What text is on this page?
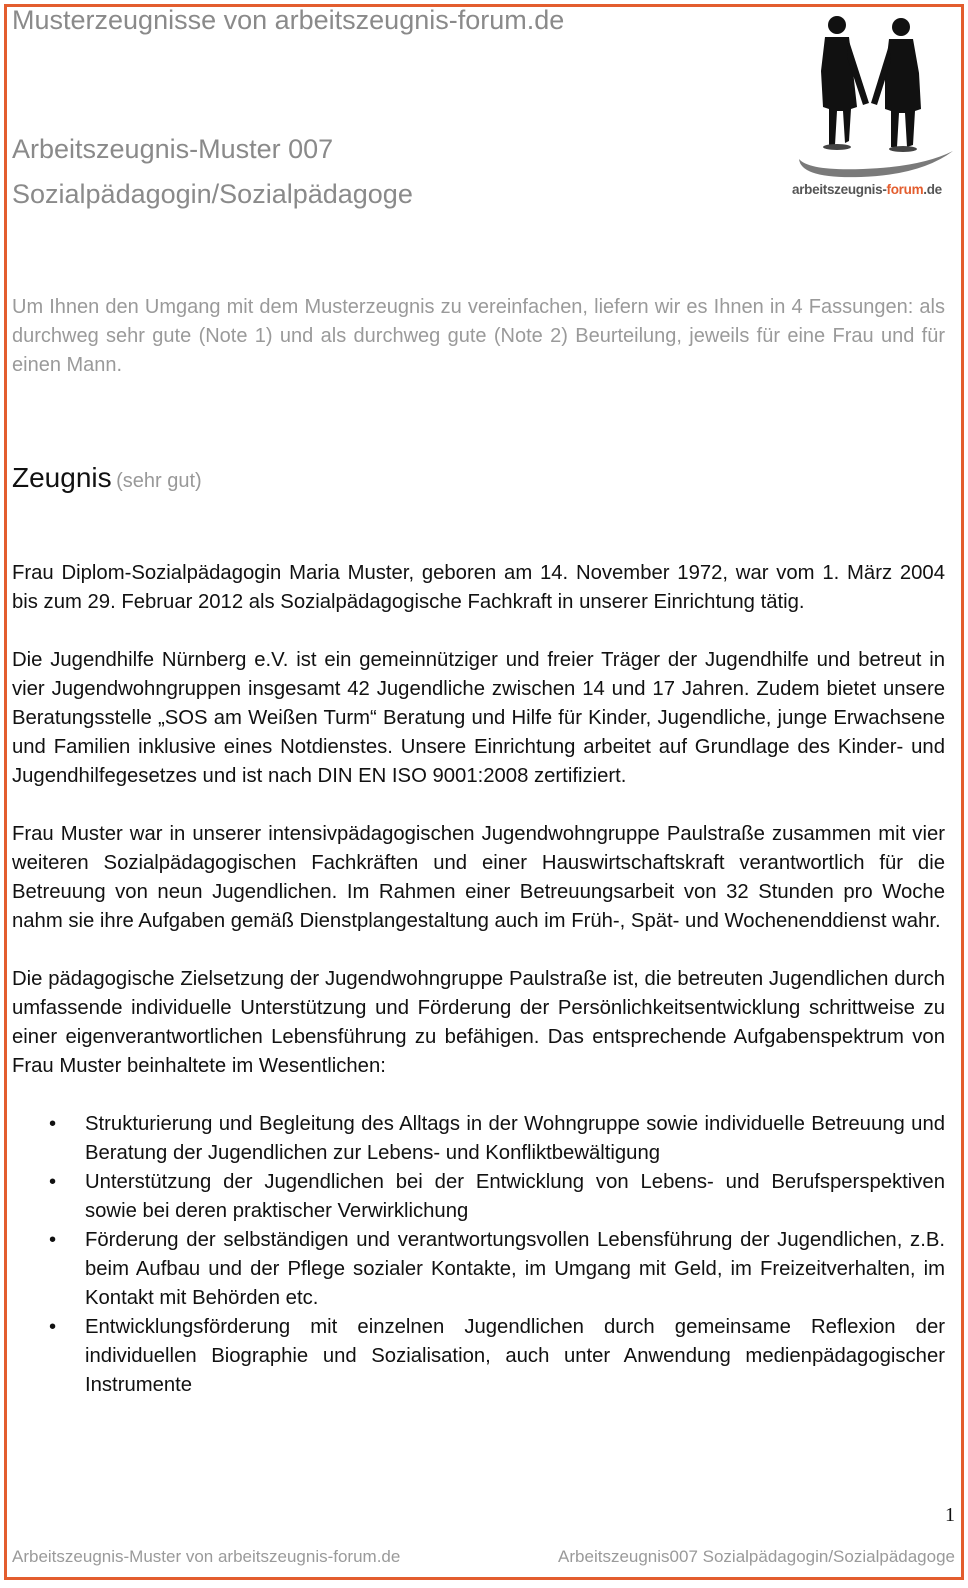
Musterzeugnisse von arbeitszeugnis-forum.de
Arbeitszeugnis-Muster 007
Sozialpädagogin/Sozialpädagoge	arbeitszeugnis-forum.de
Um Ihnen den Umgang mit dem Musterzeugnis zu vereinfachen, liefern wir es Ihnen in 4 Fassungen: als durchweg sehr gute (Note 1) und als durchweg gute (Note 2) Beurteilung, jeweils für eine Frau und für einen Mann.
Zeugnis (sehr gut)

Frau Diplom-Sozialpädagogin Maria Muster, geboren am 14. November 1972, war vom 1. März 2004 bis zum 29. Februar 2012 als Sozialpädagogische Fachkraft in unserer Einrichtung tätig.

Die Jugendhilfe Nürnberg e.V. ist ein gemeinnütziger und freier Träger der Jugendhilfe und betreut in vier Jugendwohngruppen insgesamt 42 Jugendliche zwischen 14 und 17 Jahren. Zudem bietet unsere Beratungsstelle „SOS am Weißen Turm“ Beratung und Hilfe für Kinder, Jugendliche, junge Erwachsene und Familien inklusive eines Notdienstes. Unsere Einrichtung arbeitet auf Grundlage des Kinder- und Jugendhilfegesetzes und ist nach DIN EN ISO 9001:2008 zertifiziert.

Frau Muster war in unserer intensivpädagogischen Jugendwohngruppe Paulstraße zusammen mit vier weiteren Sozialpädagogischen Fachkräften und einer Hauswirtschaftskraft verantwortlich für die Betreuung von neun Jugendlichen. Im Rahmen einer Betreuungsarbeit von 32 Stunden pro Woche nahm sie ihre Aufgaben gemäß Dienstplangestaltung auch im Früh-, Spät- und Wochenenddienst wahr.

Die pädagogische Zielsetzung der Jugendwohngruppe Paulstraße ist, die betreuten Jugendlichen durch umfassende individuelle Unterstützung und Förderung der Persönlichkeitsentwicklung schrittweise zu einer eigenverantwortlichen Lebensführung zu befähigen. Das entsprechende Aufgabenspektrum von Frau Muster beinhaltete im Wesentlichen:

• Strukturierung und Begleitung des Alltags in der Wohngruppe sowie individuelle Betreuung und Beratung der Jugendlichen zur Lebens- und Konfliktbewältigung
• Unterstützung der Jugendlichen bei der Entwicklung von Lebens- und Berufsperspektiven sowie bei deren praktischer Verwirklichung
• Förderung der selbständigen und verantwortungsvollen Lebensführung der Jugendlichen, z.B. beim Aufbau und der Pflege sozialer Kontakte, im Umgang mit Geld, im Freizeitverhalten, im Kontakt mit Behörden etc.
• Entwicklungsförderung mit einzelnen Jugendlichen durch gemeinsame Reflexion der individuellen Biographie und Sozialisation, auch unter Anwendung medienpädagogischer Instrumente
1
Arbeitszeugnis-Muster von arbeitszeugnis-forum.de	Arbeitszeugnis007 Sozialpädagogin/Sozialpädagoge
